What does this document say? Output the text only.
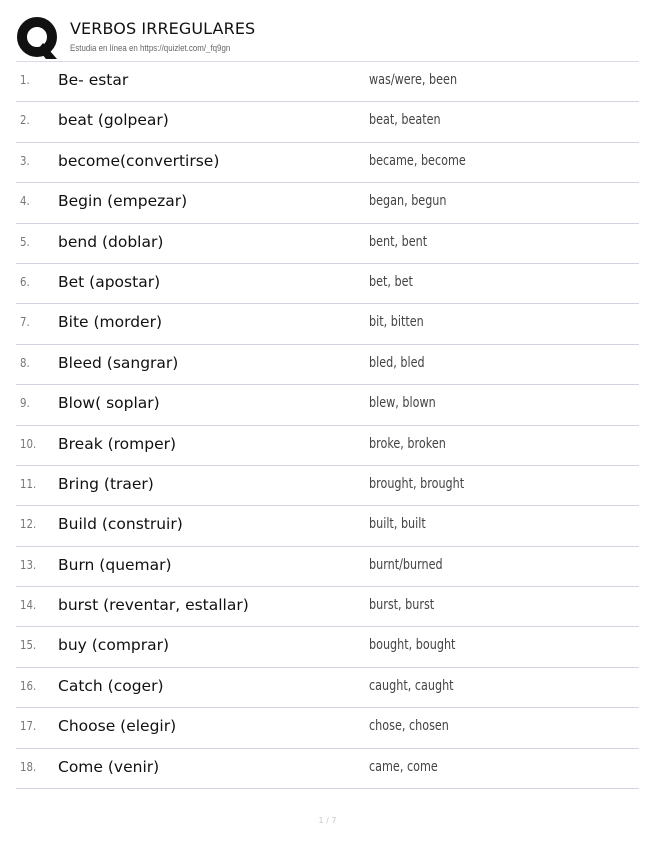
VERBOS IRREGULARES
Estudia en línea en https://quizlet.com/_fq9gn
1. Be- estar	was/were, been
2. beat (golpear)	beat, beaten
3. become(convertirse)	became, become
4. Begin (empezar)	began, begun
5. bend (doblar)	bent, bent
6. Bet (apostar)	bet, bet
7. Bite (morder)	bit, bitten
8. Bleed (sangrar)	bled, bled
9. Blow( soplar)	blew, blown
10. Break (romper)	broke, broken
11. Bring (traer)	brought, brought
12. Build (construir)	built, built
13. Burn (quemar)	burnt/burned
14. burst (reventar, estallar)	burst, burst
15. buy (comprar)	bought, bought
16. Catch (coger)	caught, caught
17. Choose (elegir)	chose, chosen
18. Come (venir)	came, come
1 / 7
